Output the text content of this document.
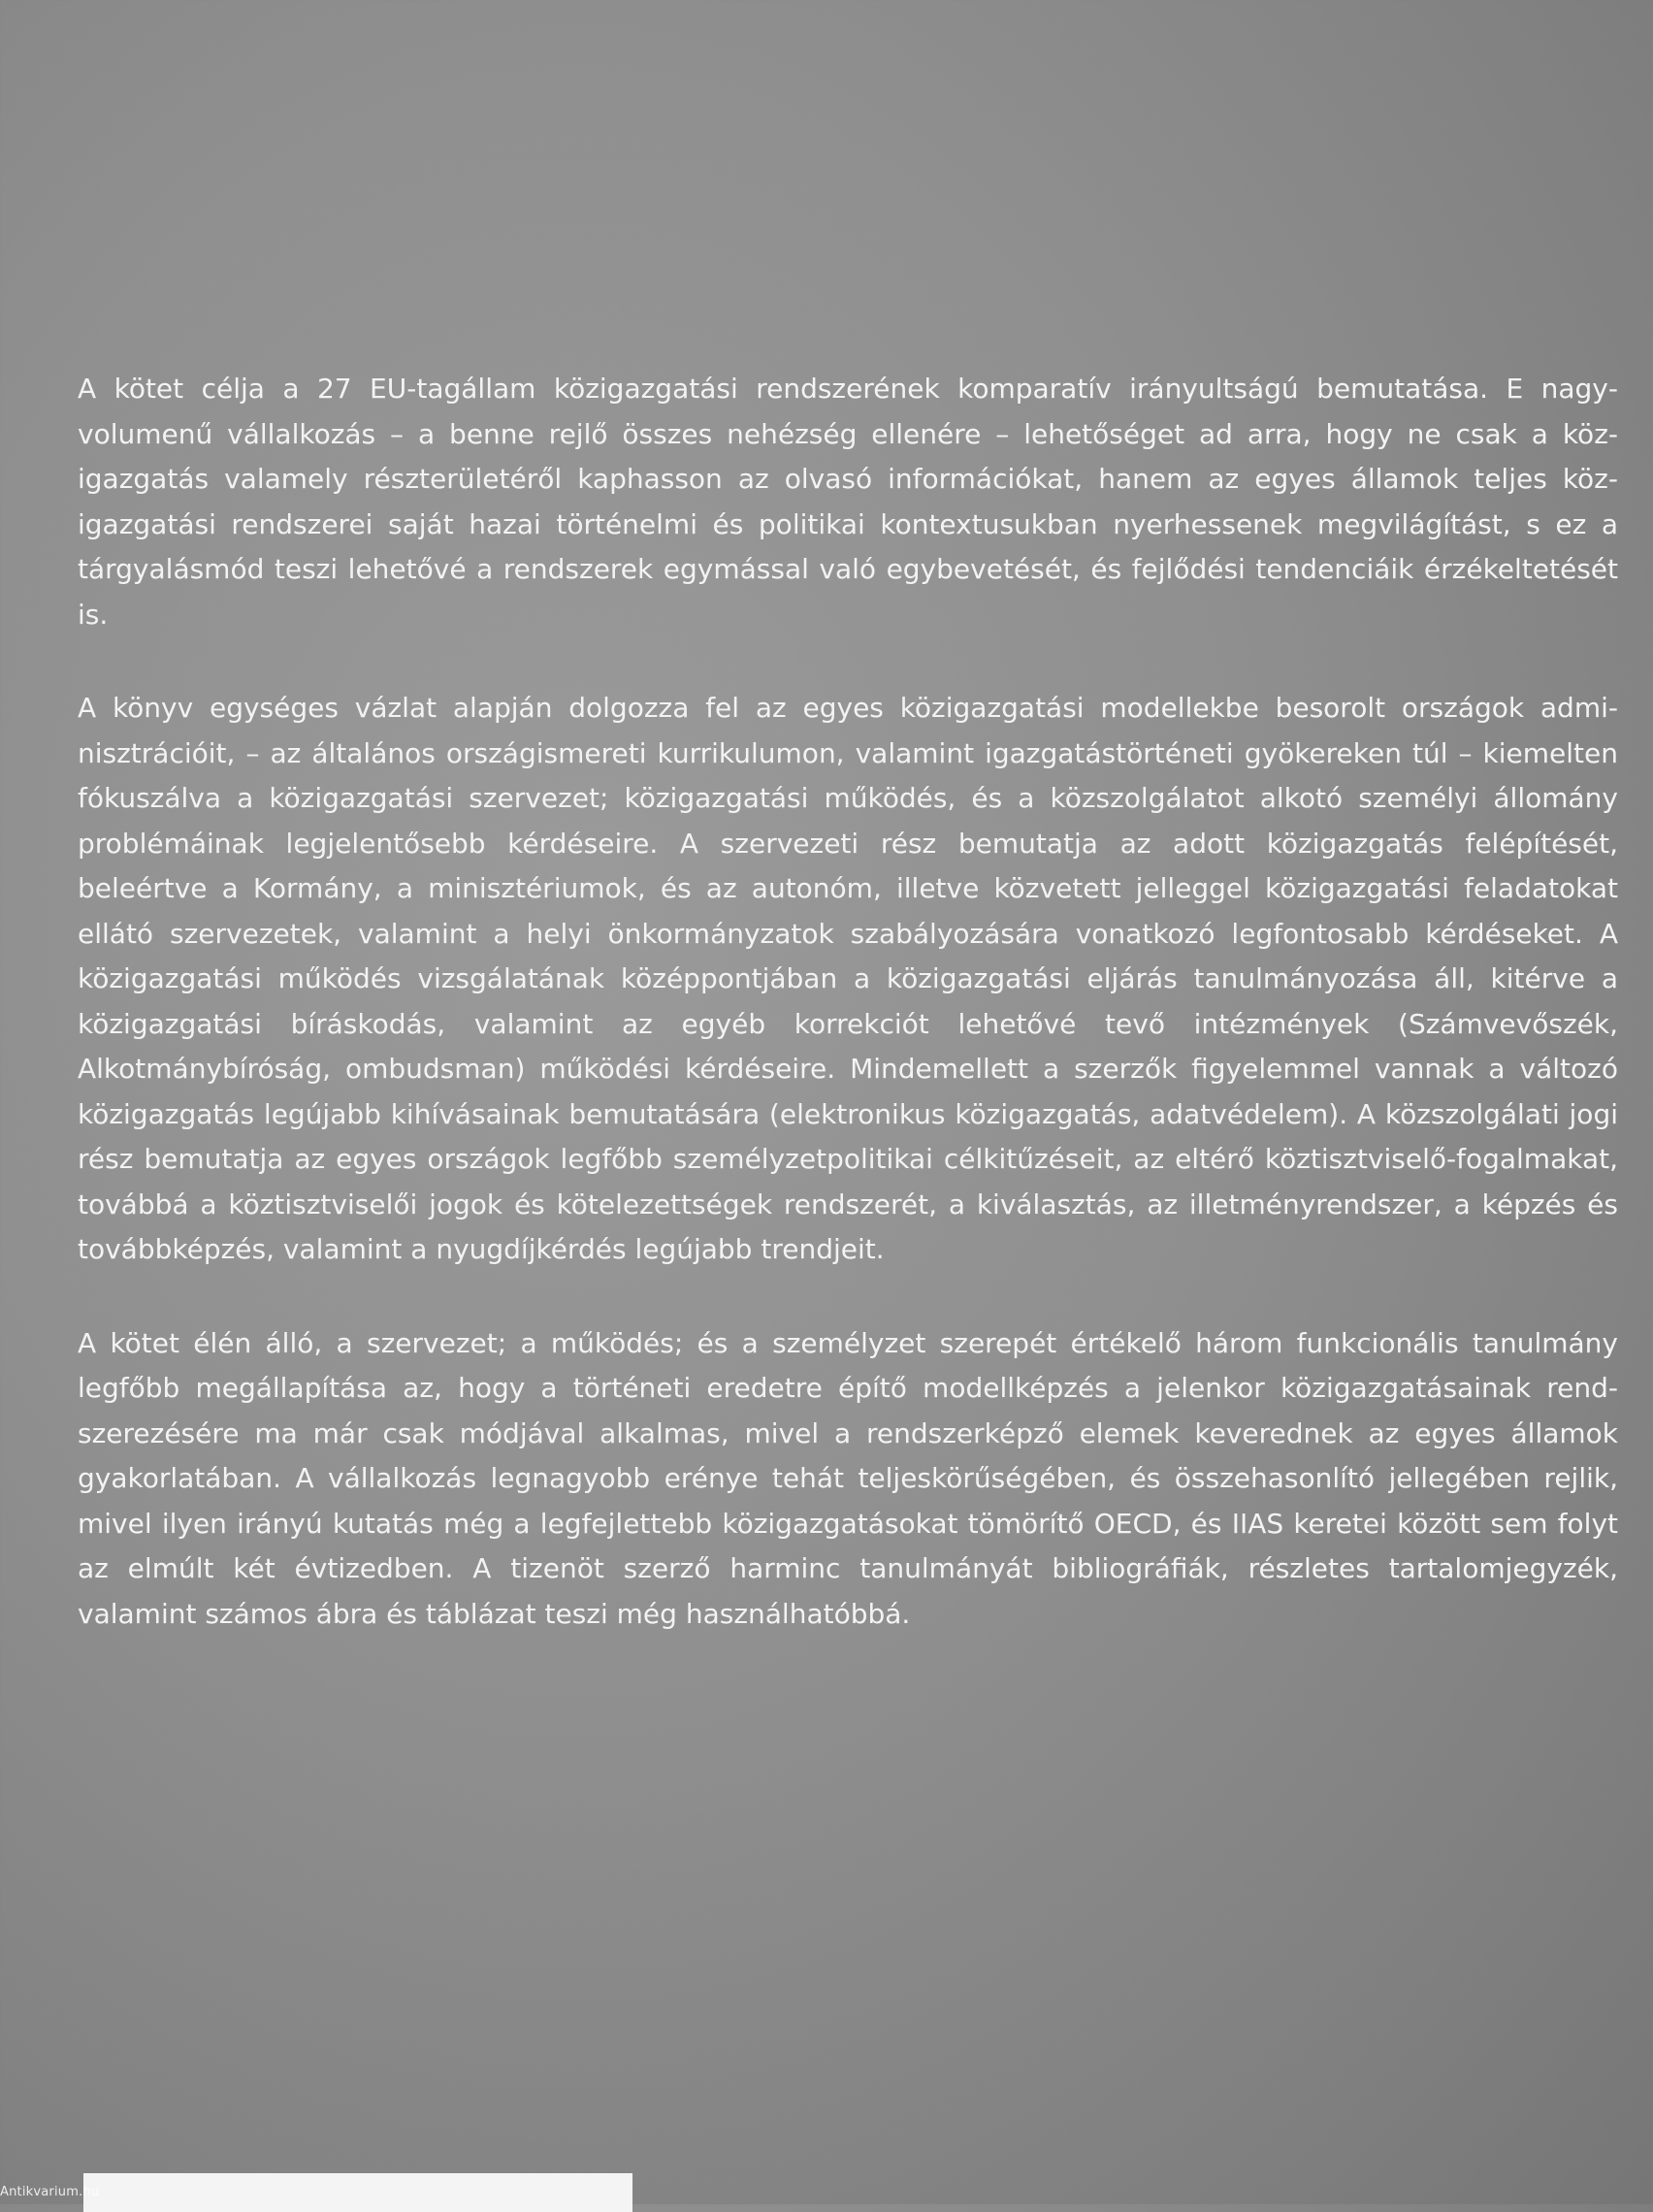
A kötet célja a 27 EU-tagállam közigazgatási rendszerének komparatív irányultságú bemutatása. E nagyvolumenű vállalkozás – a benne rejlő összes nehézség ellenére – lehetőséget ad arra, hogy ne csak a közigazgatás valamely részterületéről kaphasson az olvasó információkat, hanem az egyes államok teljes közigazgatási rendszerei saját hazai történelmi és politikai kontextusukban nyerhessenek megvilágítást, s ez a tárgyalásmód teszi lehetővé a rendszerek egymással való egybevetését, és fejlődési tendenciáik érzékeltetését is.

A könyv egységes vázlat alapján dolgozza fel az egyes közigazgatási modellekbe besorolt országok adminisztrációit, – az általános országismereti kurrikulumon, valamint igazgatástörténeti gyökereken túl – kiemelten fókuszálva a közigazgatási szervezet; közigazgatási működés, és a közszolgálatot alkotó személyi állomány problémáinak legjelentősebb kérdéseire. A szervezeti rész bemutatja az adott közigazgatás felépítését, beleértve a Kormány, a minisztériumok, és az autonóm, illetve közvetett jelleggel közigazgatási feladatokat ellátó szervezetek, valamint a helyi önkormányzatok szabályozására vonatkozó legfontosabb kérdéseket. A közigazgatási működés vizsgálatának középpontjában a közigazgatási eljárás tanulmányozása áll, kitérve a közigazgatási bíráskodás, valamint az egyéb korrekciót lehetővé tevő intézmények (Számvevőszék, Alkotmánybíróság, ombudsman) működési kérdéseire. Mindemellett a szerzők figyelemmel vannak a változó közigazgatás legújabb kihívásainak bemutatására (elektronikus közigazgatás, adatvédelem). A közszolgálati jogi rész bemutatja az egyes országok legfőbb személyzetpolitikai célkitűzéseit, az eltérő köztisztviselő-fogalmakat, továbbá a köztisztviselői jogok és kötelezettségek rendszerét, a kiválasztás, az illetményrendszer, a képzés és továbbképzés, valamint a nyugdíjkérdés legújabb trendjeit.

A kötet élén álló, a szervezet; a működés; és a személyzet szerepét értékelő három funkcionális tanulmány legfőbb megállapítása az, hogy a történeti eredetre építő modellképzés a jelenkor közigazgatásainak rendszerezésére ma már csak módjával alkalmas, mivel a rendszerképző elemek keverednek az egyes államok gyakorlatában. A vállalkozás legnagyobb erénye tehát teljeskörűségében, és összehasonlító jellegében rejlik, mivel ilyen irányú kutatás még a legfejlettebb közigazgatásokat tömörítő OECD, és IIAS keretei között sem folyt az elmúlt két évtizedben. A tizenöt szerző harminc tanulmányát bibliográfiák, részletes tartalomjegyzék, valamint számos ábra és táblázat teszi még használhatóbbá.

Antikvarium.hu
